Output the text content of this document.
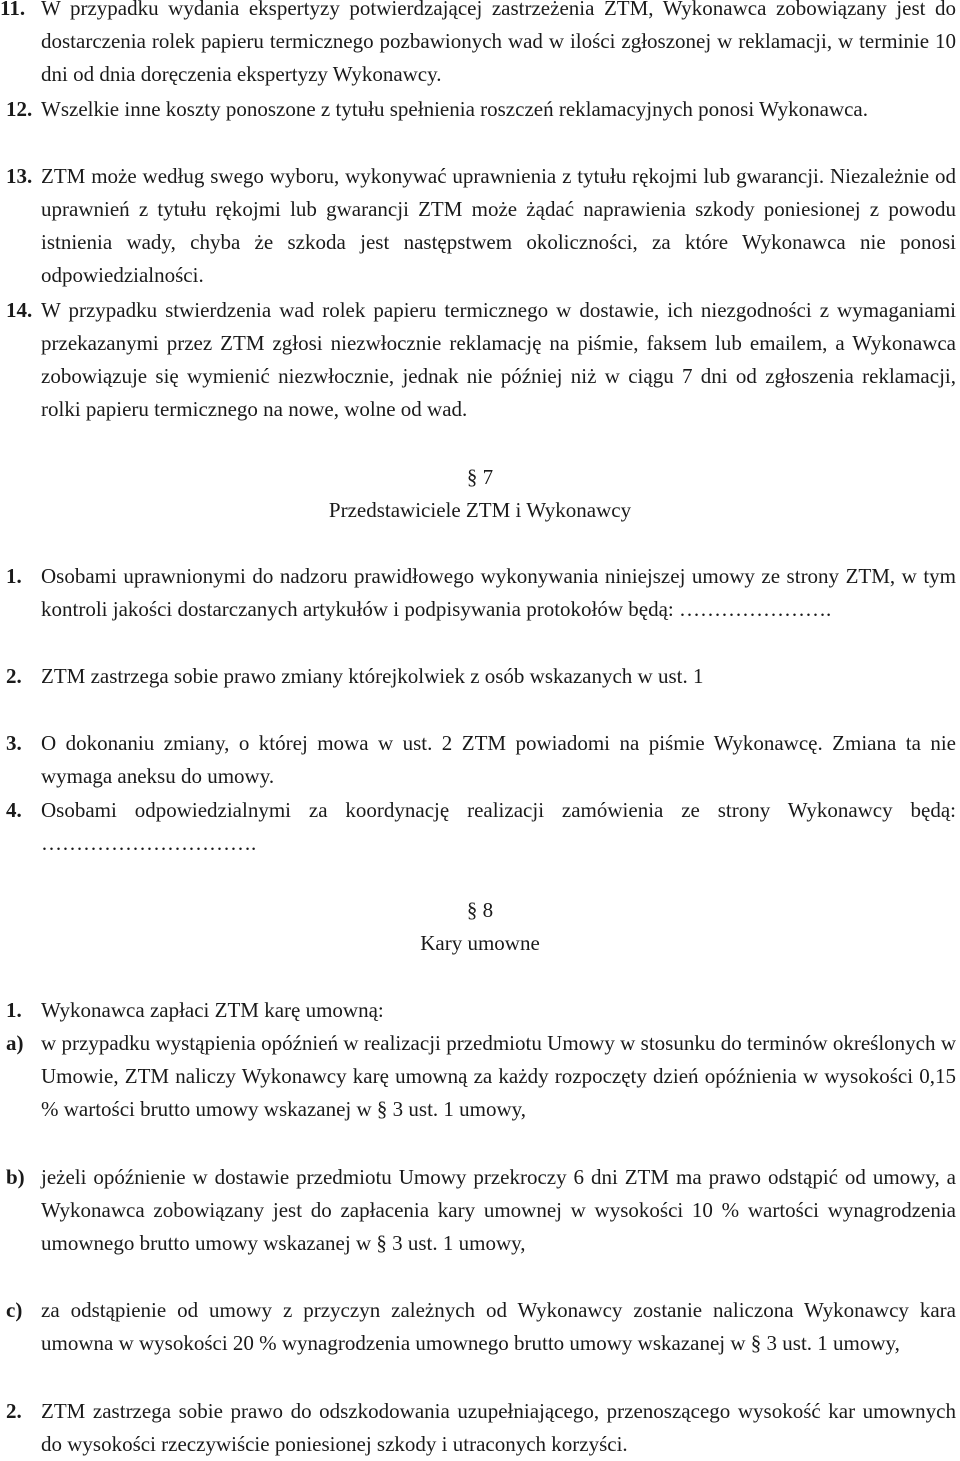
11. W przypadku wydania ekspertyzy potwierdzającej zastrzeżenia ZTM, Wykonawca zobowiązany jest do dostarczenia rolek papieru termicznego pozbawionych wad w ilości zgłoszonej w reklamacji, w terminie 10 dni od dnia doręczenia ekspertyzy Wykonawcy.
12. Wszelkie inne koszty ponoszone z tytułu spełnienia roszczeń reklamacyjnych ponosi Wykonawca.
13. ZTM może według swego wyboru, wykonywać uprawnienia z tytułu rękojmi lub gwarancji. Niezależnie od uprawnień z tytułu rękojmi lub gwarancji ZTM może żądać naprawienia szkody poniesionej z powodu istnienia wady, chyba że szkoda jest następstwem okoliczności, za które Wykonawca nie ponosi odpowiedzialności.
14. W przypadku stwierdzenia wad rolek papieru termicznego w dostawie, ich niezgodności z wymaganiami przekazanymi przez ZTM zgłosi niezwłocznie reklamację na piśmie, faksem lub emailem, a Wykonawca zobowiązuje się wymienić niezwłocznie, jednak nie później niż w ciągu 7 dni od zgłoszenia reklamacji, rolki papieru termicznego na nowe, wolne od wad.
§ 7
Przedstawiciele ZTM i Wykonawcy
1. Osobami uprawnionymi do nadzoru prawidłowego wykonywania niniejszej umowy ze strony ZTM, w tym kontroli jakości dostarczanych artykułów i podpisywania protokołów będą: ………………….
2. ZTM zastrzega sobie prawo zmiany którejkolwiek z osób wskazanych w ust. 1
3. O dokonaniu zmiany, o której mowa w ust. 2 ZTM powiadomi na piśmie Wykonawcę. Zmiana ta nie wymaga aneksu do umowy.
4. Osobami odpowiedzialnymi za koordynację realizacji zamówienia ze strony Wykonawcy będą: ………………………….
§ 8
Kary umowne
1. Wykonawca zapłaci ZTM karę umowną:
a) w przypadku wystąpienia opóźnień w realizacji przedmiotu Umowy w stosunku do terminów określonych w Umowie, ZTM naliczy Wykonawcy karę umowną za każdy rozpoczęty dzień opóźnienia w wysokości 0,15 % wartości brutto umowy wskazanej w § 3 ust. 1 umowy,
b) jeżeli opóźnienie w dostawie przedmiotu Umowy przekroczy 6 dni ZTM ma prawo odstąpić od umowy, a Wykonawca zobowiązany jest do zapłacenia kary umownej w wysokości 10 % wartości wynagrodzenia umownego brutto umowy wskazanej w § 3 ust. 1 umowy,
c) za odstąpienie od umowy z przyczyn zależnych od Wykonawcy zostanie naliczona Wykonawcy kara umowna w wysokości 20 % wynagrodzenia umownego brutto umowy wskazanej w § 3 ust. 1 umowy,
2. ZTM zastrzega sobie prawo do odszkodowania uzupełniającego, przenoszącego wysokość kar umownych do wysokości rzeczywiście poniesionej szkody i utraconych korzyści.
